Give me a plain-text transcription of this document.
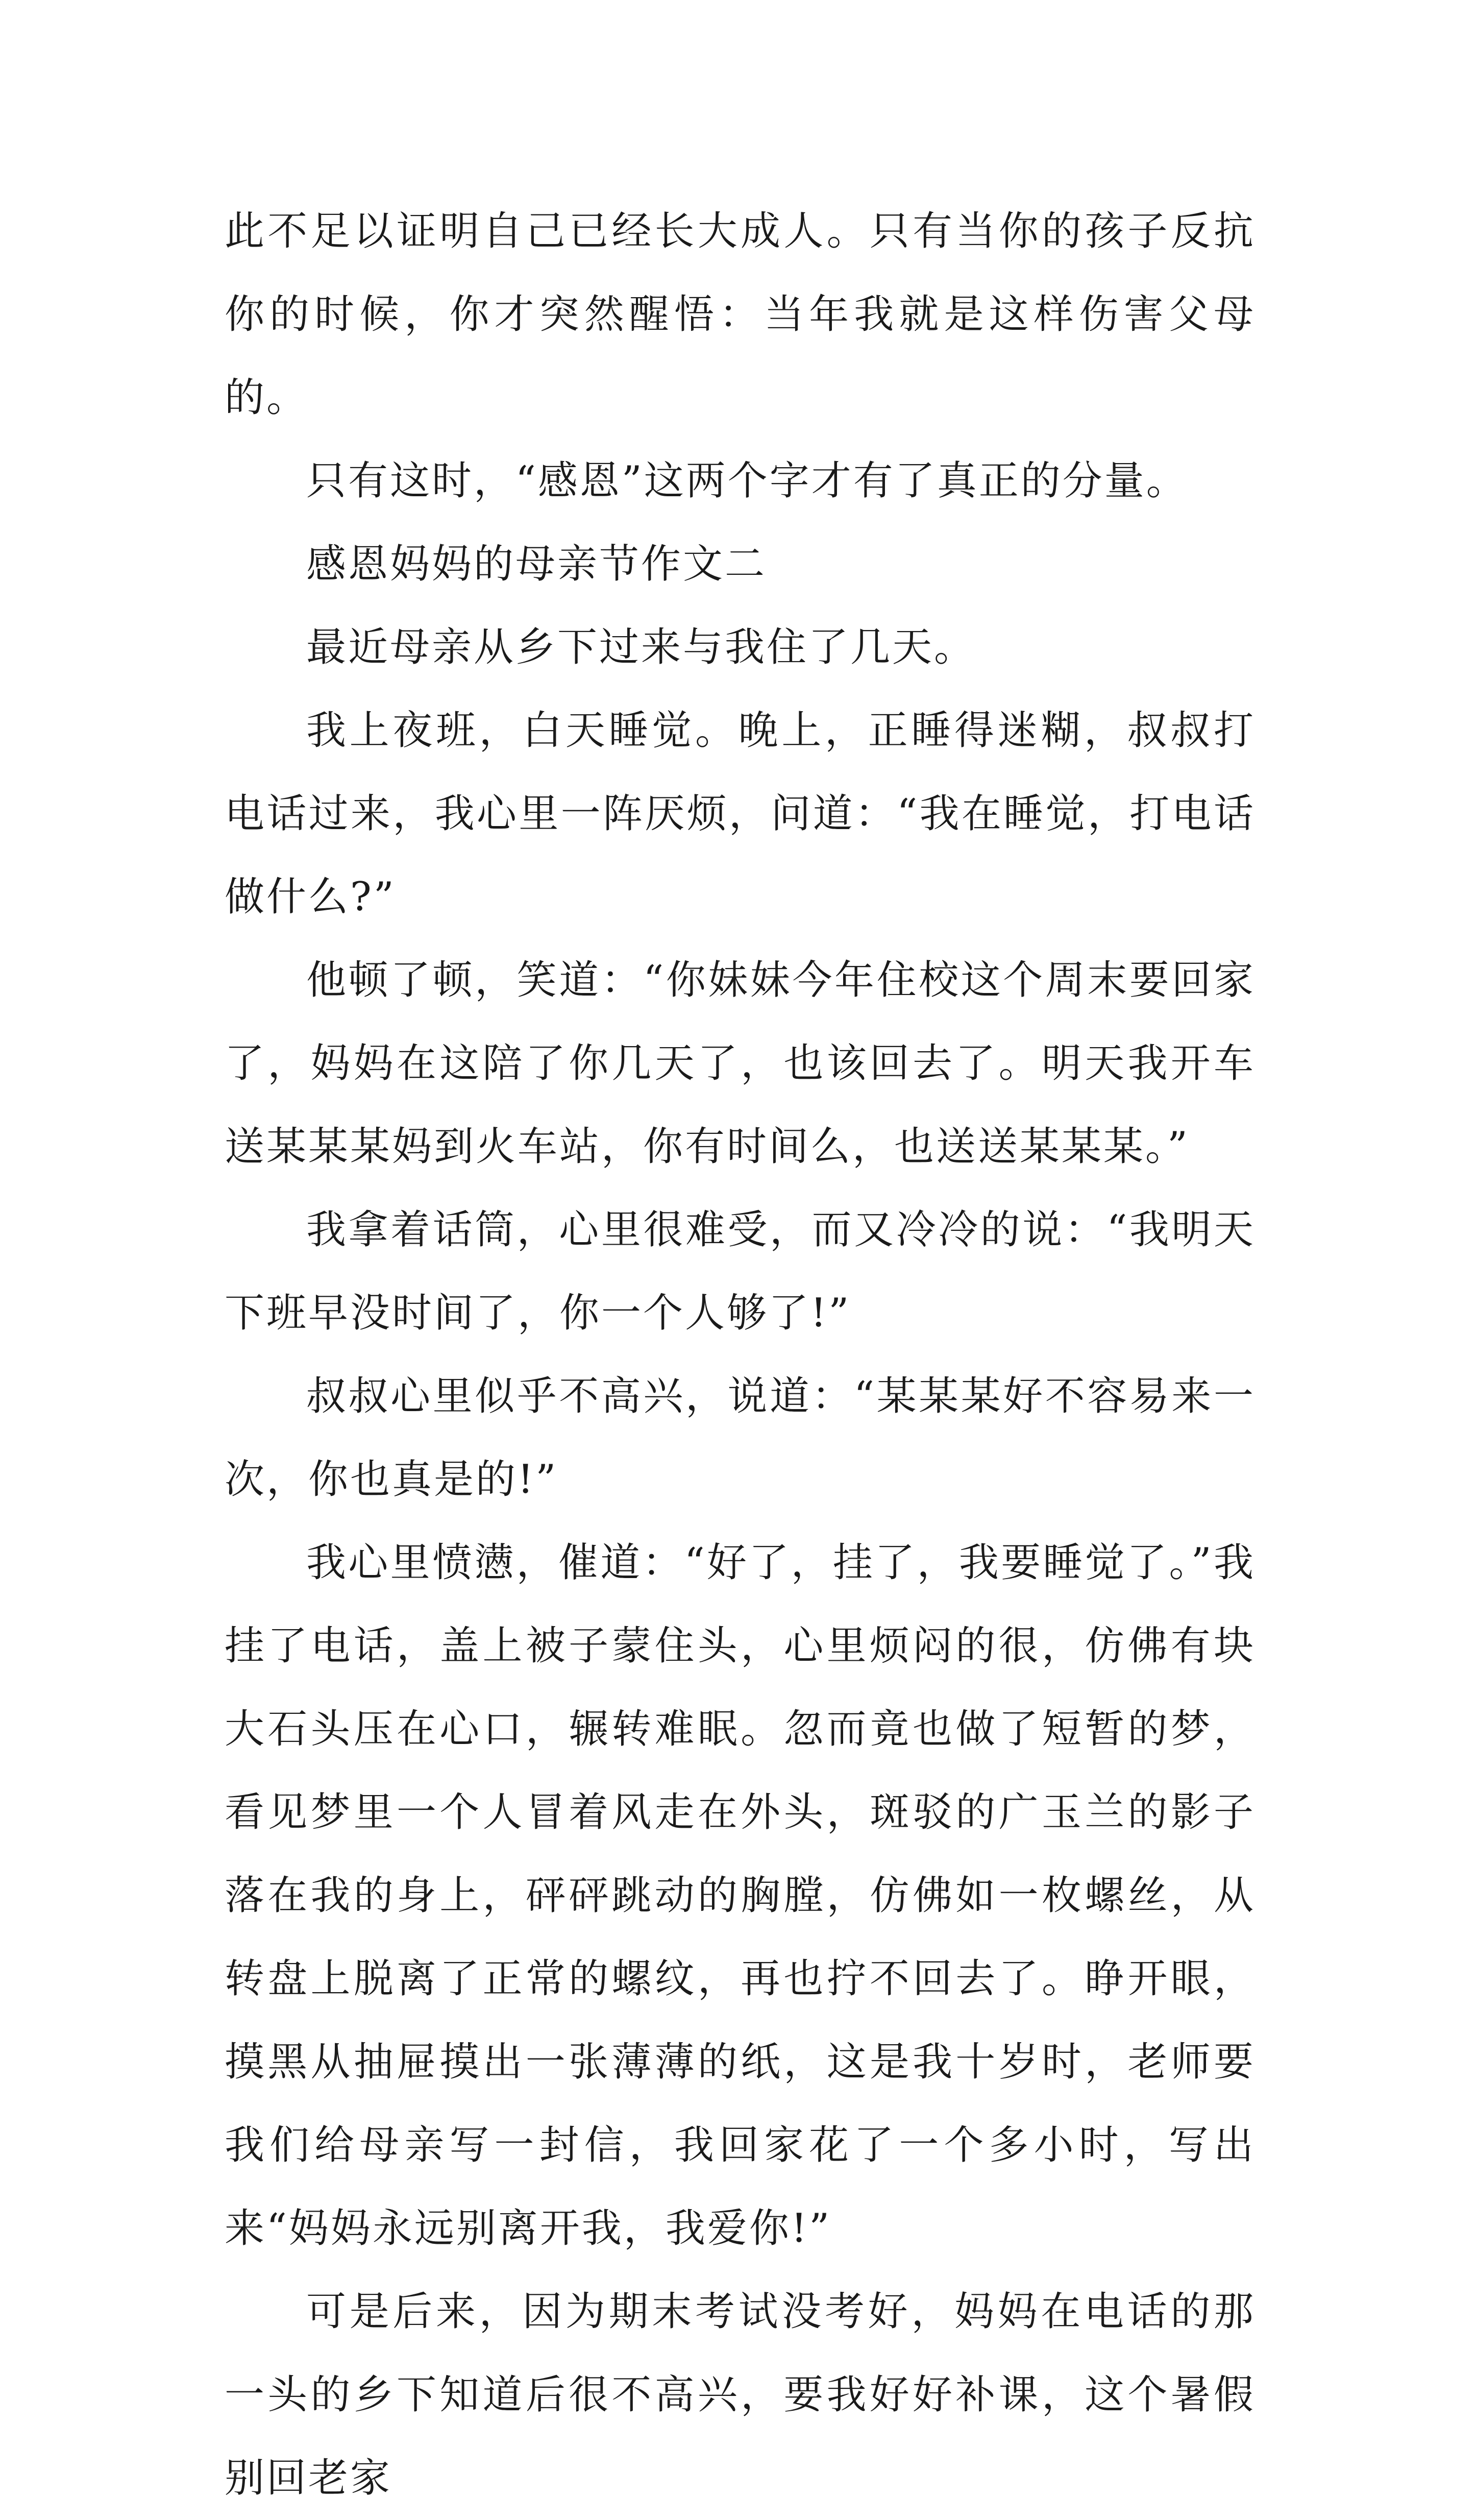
此不足以证明自己已经长大成人。只有当你的孩子反抗你的时候，你才突然醒悟：当年我就是这样伤害父母的。

只有这时，“感恩”这两个字才有了真正的分量。

感恩妈妈的母亲节作文二

最近母亲从乡下过来与我住了几天。

我上夜班，白天睡觉。晚上，正睡得迷糊，叔叔打电话过来，我心里一阵厌烦，问道：“我在睡觉，打电话做什么?”

他顿了顿，笑道：“你妹妹今年住校这个周末要回家了，妈妈在这陪了你几天了，也该回去了。明天我开车送某某某妈到火车站，你有时间么，也送送某某某。”

我拿着话筒，心里很难受，而又冷冷的说：“我明天下班早没时间了，你一个人够了!”

叔叔心里似乎不高兴，说道：“某某某好不容易来一次，你也真是的!”

我心里愤懑，催道：“好了，挂了，我要睡觉了。”我挂了电话，盖上被子蒙住头，心里烦闷的很，仿佛有块大石头压在心口，辗转难眠。忽而竟也做了短暂的梦，看见梦里一个人冒着风走在外头，斑驳的广玉兰的影子落在我的身上，砰砰跳动的胸膛，仿佛如一枚螺丝，从转盘上脱离了正常的螺纹，再也拧不回去了。睁开眼，摸黑从抽屉摸出一张薄薄的纸，这是我十岁时，老师要我们给母亲写一封信，我回家花了一个多小时，写出来“妈妈永远别离开我，我爱你!”

可是后来，因为期末考试没考好，妈妈在电话的那一头的乡下知道后很不高兴，要我好好补课，这个暑假别回老家
